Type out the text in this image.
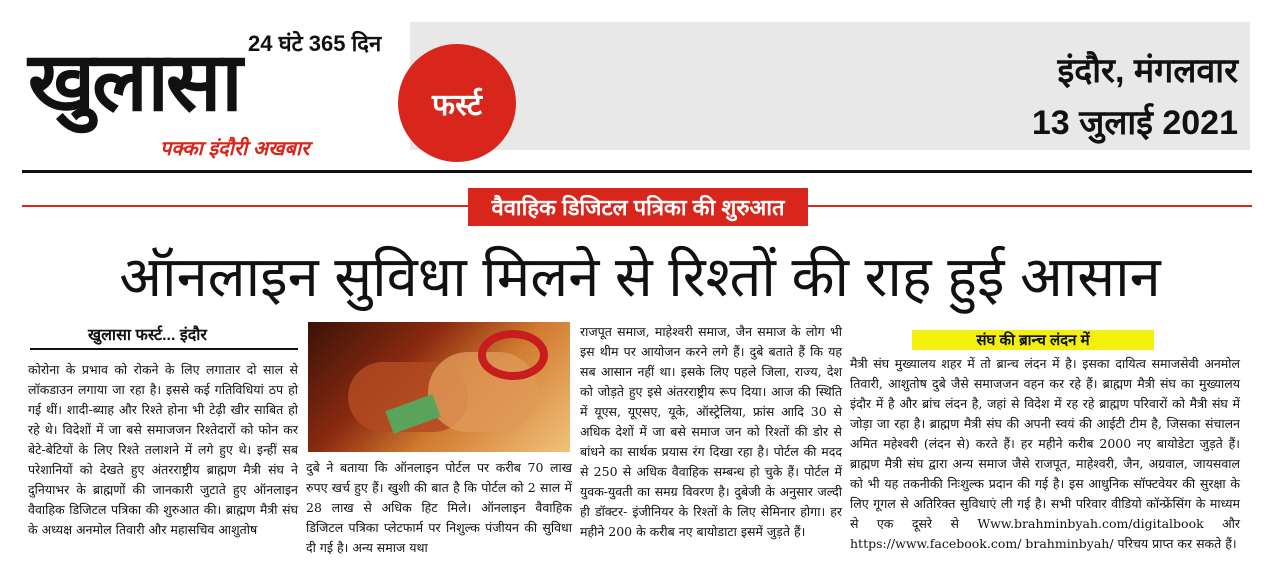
24 घंटे 365 दिन
खुलासा	फर्स्ट
पक्का इंदौरी अखबार
इंदौर, मंगलवार
13 जुलाई 2021
वैवाहिक डिजिटल पत्रिका की शुरुआत
ऑनलाइन सुविधा मिलने से रिश्तों की राह हुई आसान
खुलासा फर्स्ट... इंदौर
कोरोना के प्रभाव को रोकने के लिए लगातार दो साल से लॉकडाउन लगाया जा रहा है। इससे कई गतिविधियां ठप हो गई थीं। शादी-ब्याह और रिश्ते होना भी टेढ़ी खीर साबित हो रहे थे। विदेशों में जा बसे समाजजन रिश्तेदारों को फोन कर बेटे-बेटियों के लिए रिश्ते तलाशने में लगे हुए थे। इन्हीं सब परेशानियों को देखते हुए अंतरराष्ट्रीय ब्राह्मण मैत्री संघ ने दुनियाभर के ब्राह्मणों की जानकारी जुटाते हुए ऑनलाइन वैवाहिक डिजिटल पत्रिका की शुरुआत की। ब्राह्मण मैत्री संघ के अध्यक्ष अनमोल तिवारी और महासचिव आशुतोष
दुबे ने बताया कि ऑनलाइन पोर्टल पर करीब 70 लाख रुपए खर्च हुए हैं। खुशी की बात है कि पोर्टल को 2 साल में 28 लाख से अधिक हिट मिले। ऑनलाइन वैवाहिक डिजिटल पत्रिका प्लेटफार्म पर निशुल्क पंजीयन की सुविधा दी गई है। अन्य समाज यथा
राजपूत समाज, माहेश्वरी समाज, जैन समाज के लोग भी इस थीम पर आयोजन करने लगे हैं। दुबे बताते हैं कि यह सब आसान नहीं था। इसके लिए पहले जिला, राज्य, देश को जोड़ते हुए इसे अंतरराष्ट्रीय रूप दिया। आज की स्थिति में यूएस, यूएसए, यूके, ऑस्ट्रेलिया, फ्रांस आदि 30 से अधिक देशों में जा बसे समाज जन को रिश्तों की डोर से बांधने का सार्थक प्रयास रंग दिखा रहा है। पोर्टल की मदद से 250 से अधिक वैवाहिक सम्बन्ध हो चुके हैं। पोर्टल में युवक-युवती का समग्र विवरण है। दुबेजी के अनुसार जल्दी ही डॉक्टर- इंजीनियर के रिश्तों के लिए सेमिनार होगा। हर महीने 200 के करीब नए बायोडाटा इसमें जुड़ते हैं।
संघ की ब्रान्च लंदन में
मैत्री संघ मुख्यालय शहर में तो ब्रान्च लंदन में है। इसका दायित्व समाजसेवी अनमोल तिवारी, आशुतोष दुबे जैसे समाजजन वहन कर रहे हैं। ब्राह्मण मैत्री संघ का मुख्यालय इंदौर में है और ब्रांच लंदन है, जहां से विदेश में रह रहे ब्राह्मण परिवारों को मैत्री संघ में जोड़ा जा रहा है। ब्राह्मण मैत्री संघ की अपनी स्वयं की आईटी टीम है, जिसका संचालन अमित महेश्वरी (लंदन से) करते हैं। हर महीने करीब 2000 नए बायोडेटा जुड़ते हैं। ब्राह्मण मैत्री संघ द्वारा अन्य समाज जैसे राजपूत, माहेश्वरी, जैन, अग्रवाल, जायसवाल को भी यह तकनीकी निःशुल्क प्रदान की गई है। इस आधुनिक सॉफ्टवेयर की सुरक्षा के लिए गूगल से अतिरिक्त सुविधाएं ली गई है। सभी परिवार वीडियो कॉन्फ्रेंसिंग के माध्यम से एक दूसरे से Www.brahminbyah.com/digitalbook और https://www.facebook.com/ brahminbyah/ परिचय प्राप्त कर सकते हैं।
